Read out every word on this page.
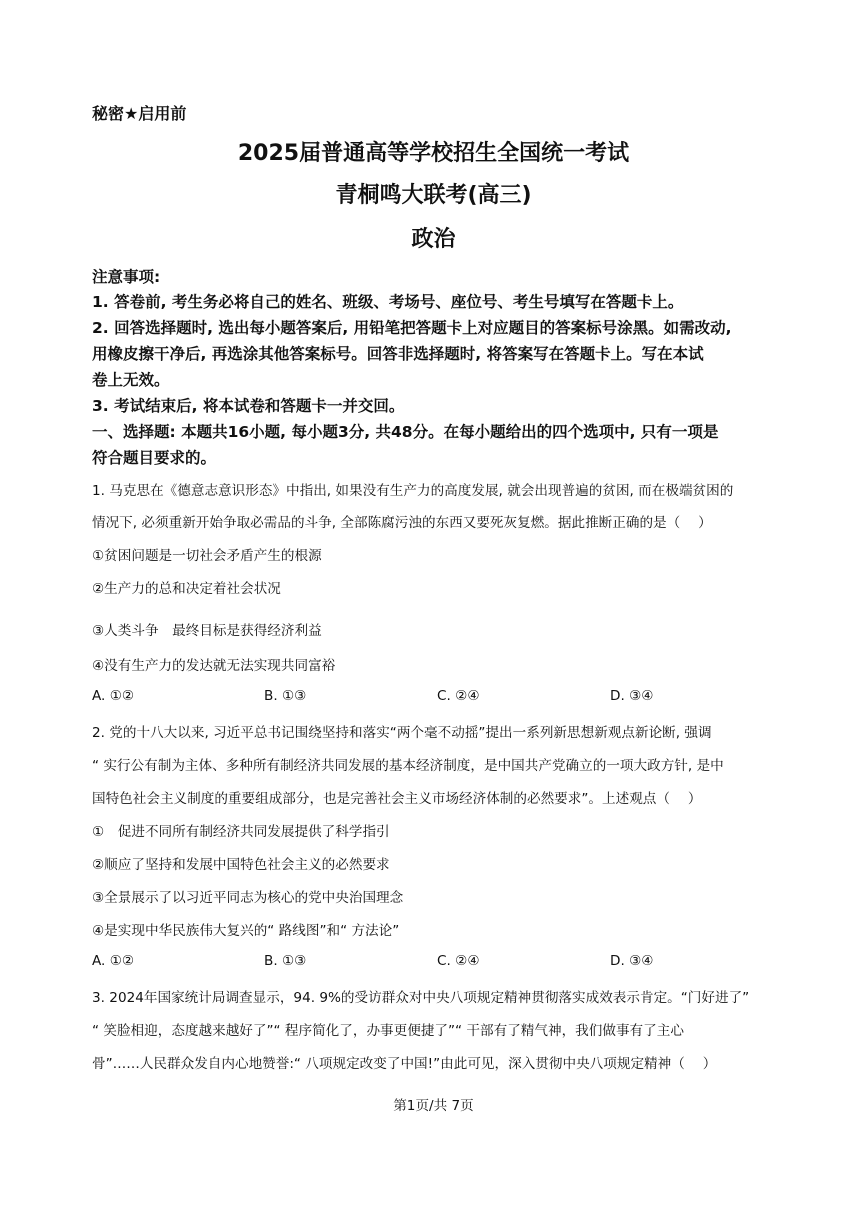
秘密★启用前
2025届普通高等学校招生全国统一考试
青桐鸣大联考(高三)
政治
注意事项:
1. 答卷前, 考生务必将自己的姓名、班级、考场号、座位号、考生号填写在答题卡上。
2. 回答选择题时, 选出每小题答案后, 用铅笔把答题卡上对应题目的答案标号涂黑。如需改动,
用橡皮擦干净后, 再选涂其他答案标号。回答非选择题时, 将答案写在答题卡上。写在本试
卷上无效。
3. 考试结束后, 将本试卷和答题卡一并交回。
一、选择题: 本题共16小题, 每小题3分, 共48分。在每小题给出的四个选项中, 只有一项是
符合题目要求的。
1. 马克思在《德意志意识形态》中指出, 如果没有生产力的高度发展, 就会出现普遍的贫困, 而在极端贫困的
情况下, 必须重新开始争取必需品的斗争, 全部陈腐污浊的东西又要死灰复燃。据此推断正确的是（　 ）
①贫困问题是一切社会矛盾产生的根源
②生产力的总和决定着社会状况
③人类斗争　最终目标是获得经济利益
④没有生产力的发达就无法实现共同富裕
A. ①②	B. ①③	C. ②④	D. ③④
2. 党的十八大以来, 习近平总书记围绕坚持和落实“两个毫不动摇”提出一系列新思想新观点新论断, 强调
“ 实行公有制为主体、多种所有制经济共同发展的基本经济制度，是中国共产党确立的一项大政方针, 是中
国特色社会主义制度的重要组成部分，也是完善社会主义市场经济体制的必然要求”。上述观点（　 ）
①　促进不同所有制经济共同发展提供了科学指引
②顺应了坚持和发展中国特色社会主义的必然要求
③全景展示了以习近平同志为核心的党中央治国理念
④是实现中华民族伟大复兴的“ 路线图”和“ 方法论”
A. ①②	B. ①③	C. ②④	D. ③④
3. 2024年国家统计局调查显示，94. 9%的受访群众对中央八项规定精神贯彻落实成效表示肯定。“门好进了”
“ 笑脸相迎，态度越来越好了”“ 程序简化了，办事更便捷了”“ 干部有了精气神，我们做事有了主心
骨”……人民群众发自内心地赞誉:“ 八项规定改变了中国!”由此可见，深入贯彻中央八项规定精神（　 ）
第1页/共 7页
